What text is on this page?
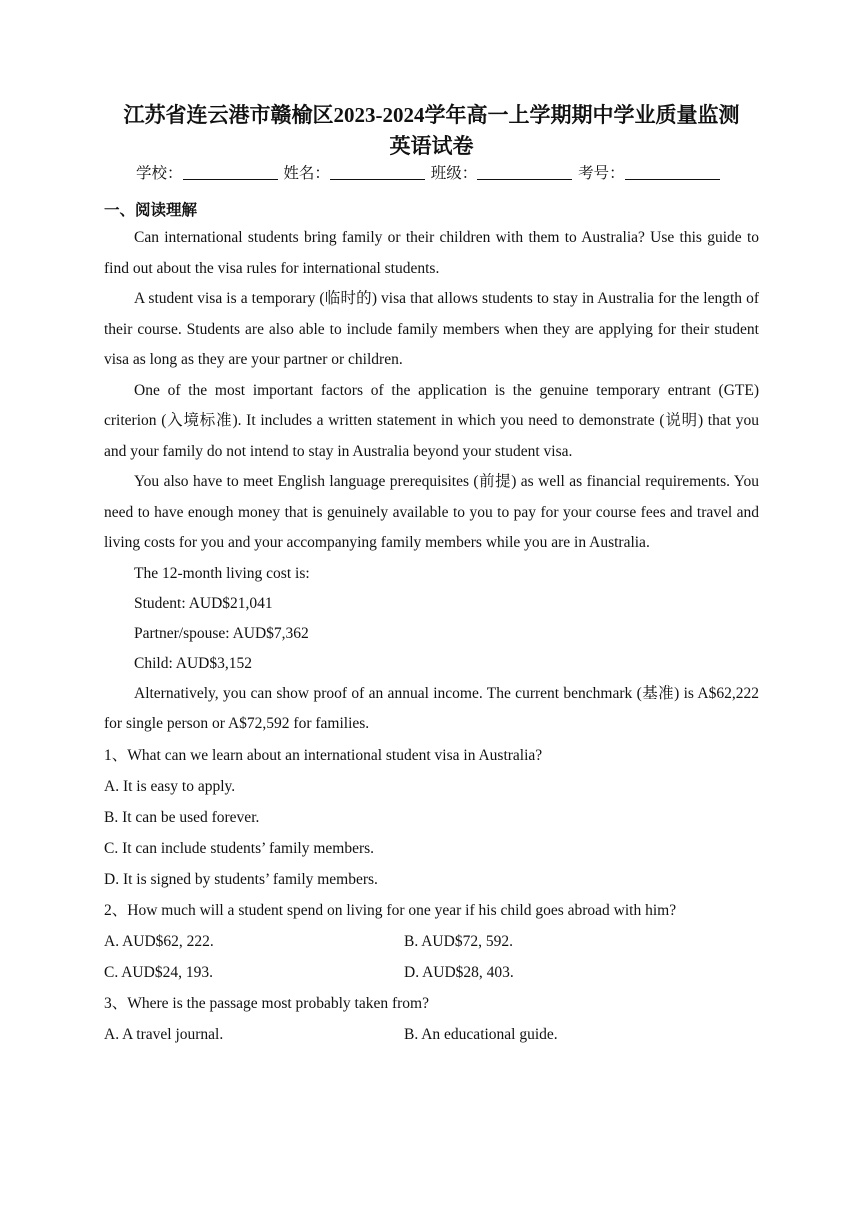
江苏省连云港市赣榆区2023-2024学年高一上学期期中学业质量监测
英语试卷
学校：	姓名：	班级：	考号：
一、阅读理解

Can international students bring family or their children with them to Australia? Use this guide to find out about the visa rules for international students.

A student visa is a temporary (临时的) visa that allows students to stay in Australia for the length of their course. Students are also able to include family members when they are applying for their student visa as long as they are your partner or children.

One of the most important factors of the application is the genuine temporary entrant (GTE) criterion (入境标准). It includes a written statement in which you need to demonstrate (说明) that you and your family do not intend to stay in Australia beyond your student visa.

You also have to meet English language prerequisites (前提) as well as financial requirements. You need to have enough money that is genuinely available to you to pay for your course fees and travel and living costs for you and your accompanying family members while you are in Australia.

The 12-month living cost is:

Student: AUD$21,041

Partner/spouse: AUD$7,362

Child: AUD$3,152

Alternatively, you can show proof of an annual income. The current benchmark (基准) is A$62,222 for single person or A$72,592 for families.

1、What can we learn about an international student visa in Australia?
A. It is easy to apply.
B. It can be used forever.
C. It can include students’ family members.
D. It is signed by students’ family members.
2、How much will a student spend on living for one year if his child goes abroad with him?
A. AUD$62, 222.	B. AUD$72, 592.
C. AUD$24, 193.	D. AUD$28, 403.
3、Where is the passage most probably taken from?
A. A travel journal.	B. An educational guide.
